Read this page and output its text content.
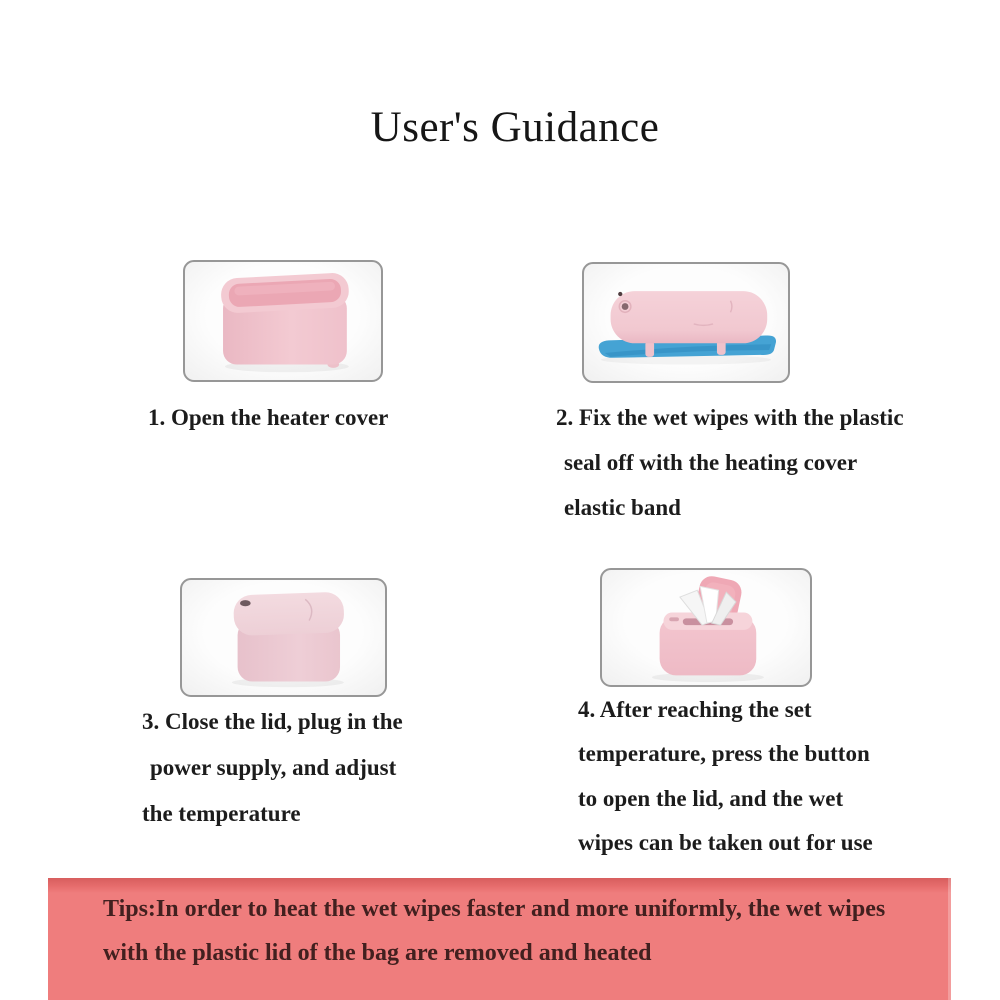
User's Guidance
1. Open the heater cover	2. Fix the wet wipes with the plastic
seal off with the heating cover
elastic band
3. Close the lid, plug in the
power supply, and adjust
the temperature
4. After reaching the set
temperature, press the button
to open the lid, and the wet
wipes can be taken out for use
Tips:In order to heat the wet wipes faster and more uniformly, the wet wipes
with the plastic lid of the bag are removed and heated
